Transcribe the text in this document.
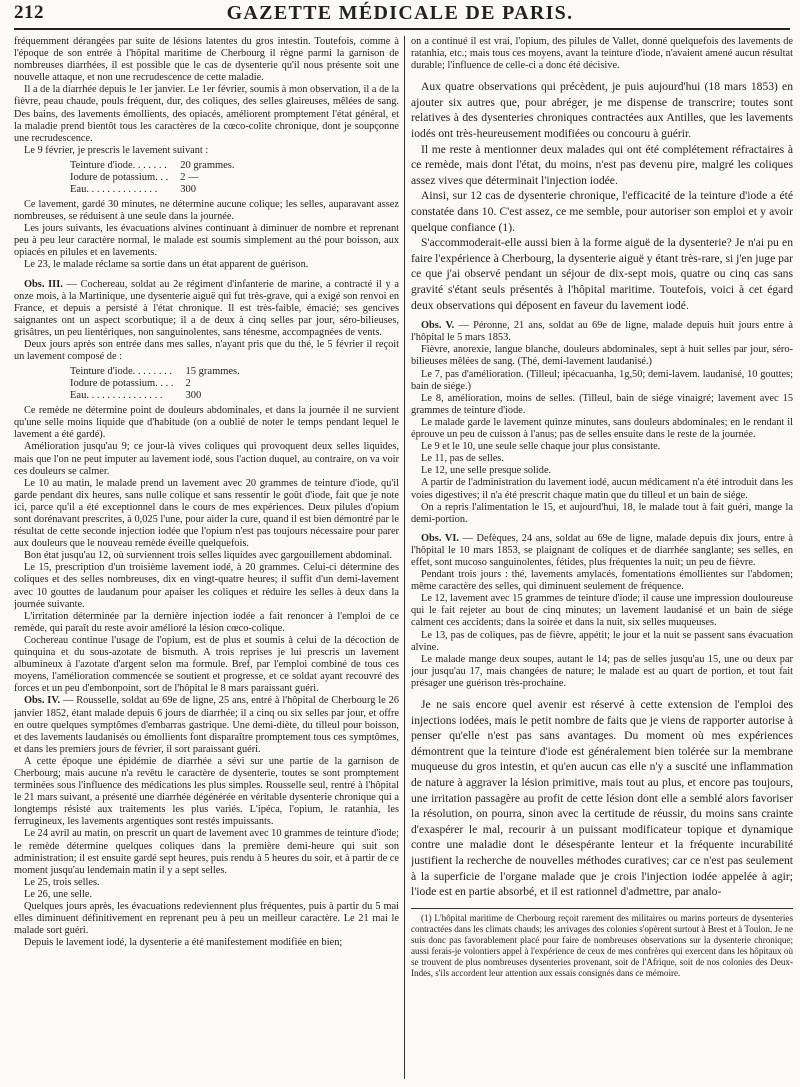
212	GAZETTE MÉDICALE DE PARIS.

fréquemment dérangées par suite de lésions latentes du gros intestin. Toutefois, comme à l'époque de son entrée à l'hôpital maritime de Cherbourg il règne parmi la garnison de nombreuses diarrhées, il est possible que le cas de dysenterie qu'il nous présente soit une nouvelle attaque, et non une recrudescence de cette maladie.

Il a de la diarrhée depuis le 1er janvier. Le 1er février, soumis à mon observation, il a de la fièvre, peau chaude, pouls fréquent, dur, des coliques, des selles glaireuses, mêlées de sang. Des bains, des lavements émollients, des opiacés, améliorent promptement l'état général, et la maladie prend bientôt tous les caractères de la cœco-colite chronique, dont je soupçonne une recrudescence.

Le 9 février, je prescris le lavement suivant :

Teinture d'iode. . . . . . .	20 grammes.
Iodure de potassium. . .	2 —
Eau. . . . . . . . . . . . . .	300

Ce lavement, gardé 30 minutes, ne détermine aucune colique; les selles, auparavant assez nombreuses, se réduisent à une seule dans la journée.

Les jours suivants, les évacuations alvines continuant à diminuer de nombre et reprenant peu à peu leur caractère normal, le malade est soumis simplement au thé pour boisson, aux opiacés en pilules et en lavements.

Le 23, le malade réclame sa sortie dans un état apparent de guérison.

Obs. III. — Cochereau, soldat au 2e régiment d'infanterie de marine, a contracté il y a onze mois, à la Martinique, une dysenterie aiguë qui fut très-grave, qui a exigé son renvoi en France, et depuis a persisté à l'état chronique. Il est très-faible, émacié; ses gencives saignantes ont un aspect scorbutique; il a de deux à cinq selles par jour, séro-bilieuses, grisâtres, un peu lientériques, non sanguinolentes, sans ténesme, accompagnées de vents.

Deux jours après son entrée dans mes salles, n'ayant pris que du thé, le 5 février il reçoit un lavement composé de :

Teinture d'iode. . . . . . . .	15 grammes.
Iodure de potassium. . . .	2
Eau. . . . . . . . . . . . . . .	300

Ce remède ne détermine point de douleurs abdominales, et dans la journée il ne survient qu'une selle moins liquide que d'habitude (on a oublié de noter le temps pendant lequel le lavement a été gardé).

Amélioration jusqu'au 9; ce jour-là vives coliques qui provoquent deux selles liquides, mais que l'on ne peut imputer au lavement iodé, sous l'action duquel, au contraire, on va voir ces douleurs se calmer.

Le 10 au matin, le malade prend un lavement avec 20 grammes de teinture d'iode, qu'il garde pendant dix heures, sans nulle colique et sans ressentir le goût d'iode, fait que je note ici, parce qu'il a été exceptionnel dans le cours de mes expériences. Deux pilules d'opium sont dorénavant prescrites, à 0,025 l'une, pour aider la cure, quand il est bien démontré par le résultat de cette seconde injection iodée que l'opium n'est pas toujours nécessaire pour parer aux douleurs que le nouveau remède éveille quelquefois.

Bon état jusqu'au 12, où surviennent trois selles liquides avec gargouillement abdominal.

Le 15, prescription d'un troisième lavement iodé, à 20 grammes. Celui-ci détermine des coliques et des selles nombreuses, dix en vingt-quatre heures; il suffit d'un demi-lavement avec 10 gouttes de laudanum pour apaiser les coliques et réduire les selles à deux dans la journée suivante.

L'irritation déterminée par la dernière injection iodée a fait renoncer à l'emploi de ce remède, qui paraît du reste avoir amélioré la lésion cœco-colique.

Cochereau continue l'usage de l'opium, est de plus et soumis à celui de la décoction de quinquina et du sous-azotate de bismuth. A trois reprises je lui prescris un lavement albumineux à l'azotate d'argent selon ma formule. Bref, par l'emploi combiné de tous ces moyens, l'amélioration commencée se soutient et progresse, et ce soldat ayant recouvré des forces et un peu d'embonpoint, sort de l'hôpital le 8 mars paraissant guéri.

Obs. IV. — Rousselle, soldat au 69e de ligne, 25 ans, entré à l'hôpital de Cherbourg le 26 janvier 1852, étant malade depuis 6 jours de diarrhée; il a cinq ou six selles par jour, et offre en outre quelques symptômes d'embarras gastrique. Une demi-diète, du tilleul pour boisson, et des lavements laudanisés ou émollients font disparaître promptement tous ces symptômes, et dans les premiers jours de février, il sort paraissant guéri.

A cette époque une épidémie de diarrhée a sévi sur une partie de la garnison de Cherbourg; mais aucune n'a revêtu le caractère de dysenterie, toutes se sont promptement terminées sous l'influence des médications les plus simples. Rousselle seul, rentré à l'hôpital le 21 mars suivant, a présenté une diarrhée dégénérée en véritable dysenterie chronique qui a longtemps résisté aux traitements les plus variés. L'ipéca, l'opium, le ratanhia, les ferrugineux, les lavements argentiques sont restés impuissants.

Le 24 avril au matin, on prescrit un quart de lavement avec 10 grammes de teinture d'iode; le remède détermine quelques coliques dans la première demi-heure qui suit son administration; il est ensuite gardé sept heures, puis rendu à 5 heures du soir, et à partir de ce moment jusqu'au lendemain matin il y a sept selles.

Le 25, trois selles.

Le 26, une selle.

Quelques jours après, les évacuations redeviennent plus fréquentes, puis à partir du 5 mai elles diminuent définitivement en reprenant peu à peu un meilleur caractère. Le 21 mai le malade sort guéri.

Depuis le lavement iodé, la dysenterie a été manifestement modifiée en bien;

on a continué il est vrai, l'opium, des pilules de Vallet, donné quelquefois des lavements de ratanhia, etc.; mais tous ces moyens, avant la teinture d'iode, n'avaient amené aucun résultat durable; l'influence de celle-ci a donc été décisive.

Aux quatre observations qui précèdent, je puis aujourd'hui (18 mars 1853) en ajouter six autres que, pour abréger, je me dispense de transcrire; toutes sont relatives à des dysenteries chroniques contractées aux Antilles, que les lavements iodés ont très-heureusement modifiées ou concouru à guérir.

Il me reste à mentionner deux malades qui ont été complétement réfractaires à ce remède, mais dont l'état, du moins, n'est pas devenu pire, malgré les coliques assez vives que déterminait l'injection iodée.

Ainsi, sur 12 cas de dysenterie chronique, l'efficacité de la teinture d'iode a été constatée dans 10. C'est assez, ce me semble, pour autoriser son emploi et y avoir quelque confiance (1).

S'accommoderait-elle aussi bien à la forme aiguë de la dysenterie? Je n'ai pu en faire l'expérience à Cherbourg, la dysenterie aiguë y étant très-rare, si j'en juge par ce que j'ai observé pendant un séjour de dix-sept mois, quatre ou cinq cas sans gravité s'étant seuls présentés à l'hôpital maritime. Toutefois, voici à cet égard deux observations qui déposent en faveur du lavement iodé.

Obs. V. — Péronne, 21 ans, soldat au 69e de ligne, malade depuis huit jours entre à l'hôpital le 5 mars 1853.

Fièvre, anorexie, langue blanche, douleurs abdominales, sept à huit selles par jour, séro-bilieuses mêlées de sang. (Thé, demi-lavement laudanisé.)

Le 7, pas d'amélioration. (Tilleul; ipécacuanha, 1g,50; demi-lavem. laudanisé, 10 gouttes; bain de siége.)

Le 8, amélioration, moins de selles. (Tilleul, bain de siége vinaigré; lavement avec 15 grammes de teinture d'iode.

Le malade garde le lavement quinze minutes, sans douleurs abdominales; en le rendant il éprouve un peu de cuisson à l'anus; pas de selles ensuite dans le reste de la journée.

Le 9 et le 10, une seule selle chaque jour plus consistante.

Le 11, pas de selles.

Le 12, une selle presque solide.

A partir de l'administration du lavement iodé, aucun médicament n'a été introduit dans les voies digestives; il n'a été prescrit chaque matin que du tilleul et un bain de siége.

On a repris l'alimentation le 15, et aujourd'hui, 18, le malade tout à fait guéri, mange la demi-portion.

Obs. VI. — Defèques, 24 ans, soldat au 69e de ligne, malade depuis dix jours, entre à l'hôpital le 10 mars 1853, se plaignant de coliques et de diarrhée sanglante; ses selles, en effet, sont mucoso sanguinolentes, fétides, plus fréquentes la nuit; un peu de fièvre.

Pendant trois jours : thé, lavements amylacés, fomentations émollientes sur l'abdomen; même caractère des selles, qui diminuent seulement de fréquence.

Le 12, lavement avec 15 grammes de teinture d'iode; il cause une impression douloureuse qui le fait rejeter au bout de cinq minutes; un lavement laudanisé et un bain de siége calment ces accidents; dans la soirée et dans la nuit, six selles muqueuses.

Le 13, pas de coliques, pas de fièvre, appétit; le jour et la nuit se passent sans évacuation alvine.

Le malade mange deux soupes, autant le 14; pas de selles jusqu'au 15, une ou deux par jour jusqu'au 17, mais changées de nature; le malade est au quart de portion, et tout fait présager une guérison très-prochaine.

Je ne sais encore quel avenir est réservé à cette extension de l'emploi des injections iodées, mais le petit nombre de faits que je viens de rapporter autorise à penser qu'elle n'est pas sans avantages. Du moment où mes expériences démontrent que la teinture d'iode est généralement bien tolérée sur la membrane muqueuse du gros intestin, et qu'en aucun cas elle n'y a suscité une inflammation de nature à aggraver la lésion primitive, mais tout au plus, et encore pas toujours, une irritation passagère au profit de cette lésion dont elle a semblé alors favoriser la résolution, on pourra, sinon avec la certitude de réussir, du moins sans crainte d'exaspérer le mal, recourir à un puissant modificateur topique et dynamique contre une maladie dont le désespérante lenteur et la fréquente incurabilité justifient la recherche de nouvelles méthodes curatives; car ce n'est pas seulement à la superficie de l'organe malade que je crois l'injection iodée appelée à agir; l'iode est en partie absorbé, et il est rationnel d'admettre, par analo-

(1) L'hôpital maritime de Cherbourg reçoit rarement des militaires ou marins porteurs de dysenteries contractées dans les climats chauds; les arrivages des colonies s'opèrent surtout à Brest et à Toulon. Je ne suis donc pas favorablement placé pour faire de nombreuses observations sur la dysenterie chronique; aussi ferais-je volontiers appel à l'expérience de ceux de mes confrères qui exercent dans les hôpitaux où se trouvent de plus nombreuses dysenteries provenant, soit de l'Afrique, soit de nos colonies des Deux-Indes, s'ils accordent leur attention aux essais consignés dans ce mémoire.
